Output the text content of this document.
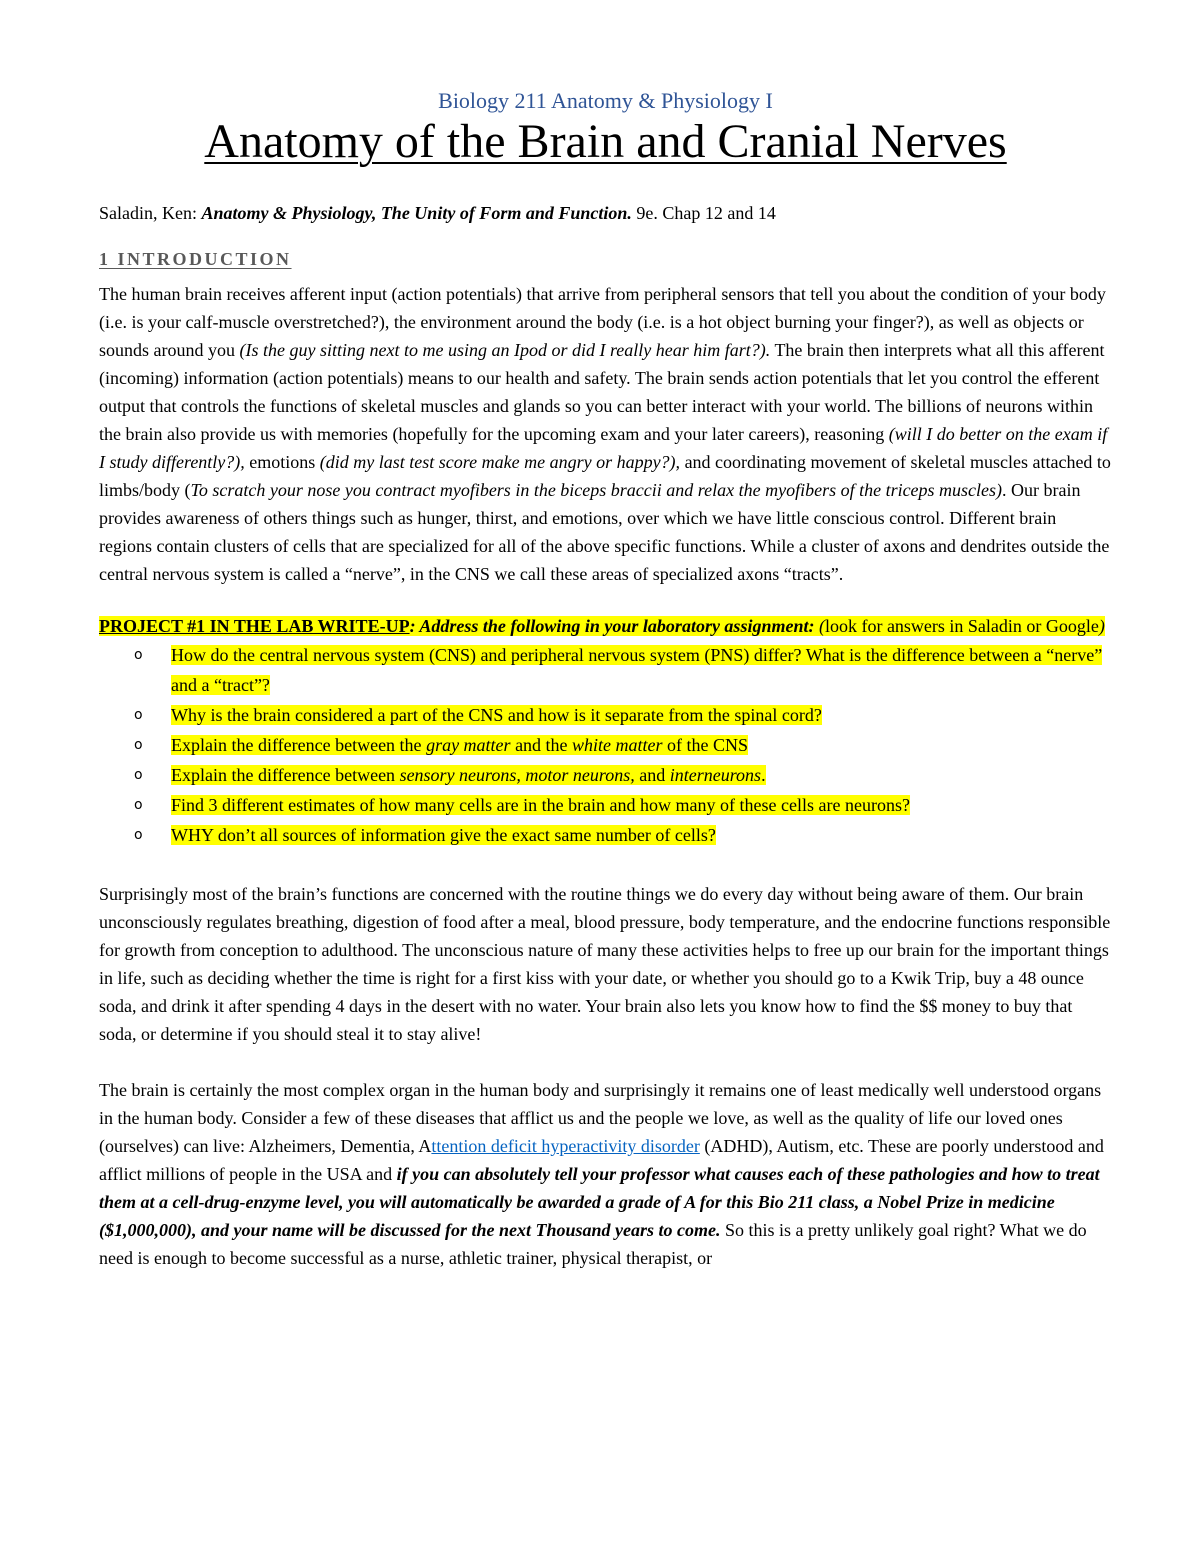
Biology 211 Anatomy & Physiology I
Anatomy of the Brain and Cranial Nerves

Saladin, Ken: Anatomy & Physiology, The Unity of Form and Function. 9e. Chap 12 and 14

1 INTRODUCTION

The human brain receives afferent input (action potentials) that arrive from peripheral sensors that tell you about the condition of your body (i.e. is your calf-muscle overstretched?), the environment around the body (i.e. is a hot object burning your finger?), as well as objects or sounds around you (Is the guy sitting next to me using an Ipod or did I really hear him fart?). The brain then interprets what all this afferent (incoming) information (action potentials) means to our health and safety. The brain sends action potentials that let you control the efferent output that controls the functions of skeletal muscles and glands so you can better interact with your world. The billions of neurons within the brain also provide us with memories (hopefully for the upcoming exam and your later careers), reasoning (will I do better on the exam if I study differently?), emotions (did my last test score make me angry or happy?), and coordinating movement of skeletal muscles attached to limbs/body (To scratch your nose you contract myofibers in the biceps braccii and relax the myofibers of the triceps muscles). Our brain provides awareness of others things such as hunger, thirst, and emotions, over which we have little conscious control. Different brain regions contain clusters of cells that are specialized for all of the above specific functions. While a cluster of axons and dendrites outside the central nervous system is called a “nerve”, in the CNS we call these areas of specialized axons “tracts”.

PROJECT #1 IN THE LAB WRITE-UP: Address the following in your laboratory assignment: (look for answers in Saladin or Google)

o How do the central nervous system (CNS) and peripheral nervous system (PNS) differ? What is the difference between a “nerve” and a “tract”?
o Why is the brain considered a part of the CNS and how is it separate from the spinal cord?
o Explain the difference between the gray matter and the white matter of the CNS
o Explain the difference between sensory neurons, motor neurons, and interneurons.
o Find 3 different estimates of how many cells are in the brain and how many of these cells are neurons?
o WHY don’t all sources of information give the exact same number of cells?

Surprisingly most of the brain’s functions are concerned with the routine things we do every day without being aware of them. Our brain unconsciously regulates breathing, digestion of food after a meal, blood pressure, body temperature, and the endocrine functions responsible for growth from conception to adulthood. The unconscious nature of many these activities helps to free up our brain for the important things in life, such as deciding whether the time is right for a first kiss with your date, or whether you should go to a Kwik Trip, buy a 48 ounce soda, and drink it after spending 4 days in the desert with no water. Your brain also lets you know how to find the $$ money to buy that soda, or determine if you should steal it to stay alive!

The brain is certainly the most complex organ in the human body and surprisingly it remains one of least medically well understood organs in the human body. Consider a few of these diseases that afflict us and the people we love, as well as the quality of life our loved ones (ourselves) can live: Alzheimers, Dementia, Attention deficit hyperactivity disorder (ADHD), Autism, etc. These are poorly understood and afflict millions of people in the USA and if you can absolutely tell your professor what causes each of these pathologies and how to treat them at a cell-drug-enzyme level, you will automatically be awarded a grade of A for this Bio 211 class, a Nobel Prize in medicine ($1,000,000), and your name will be discussed for the next Thousand years to come. So this is a pretty unlikely goal right? What we do need is enough to become successful as a nurse, athletic trainer, physical therapist, or
